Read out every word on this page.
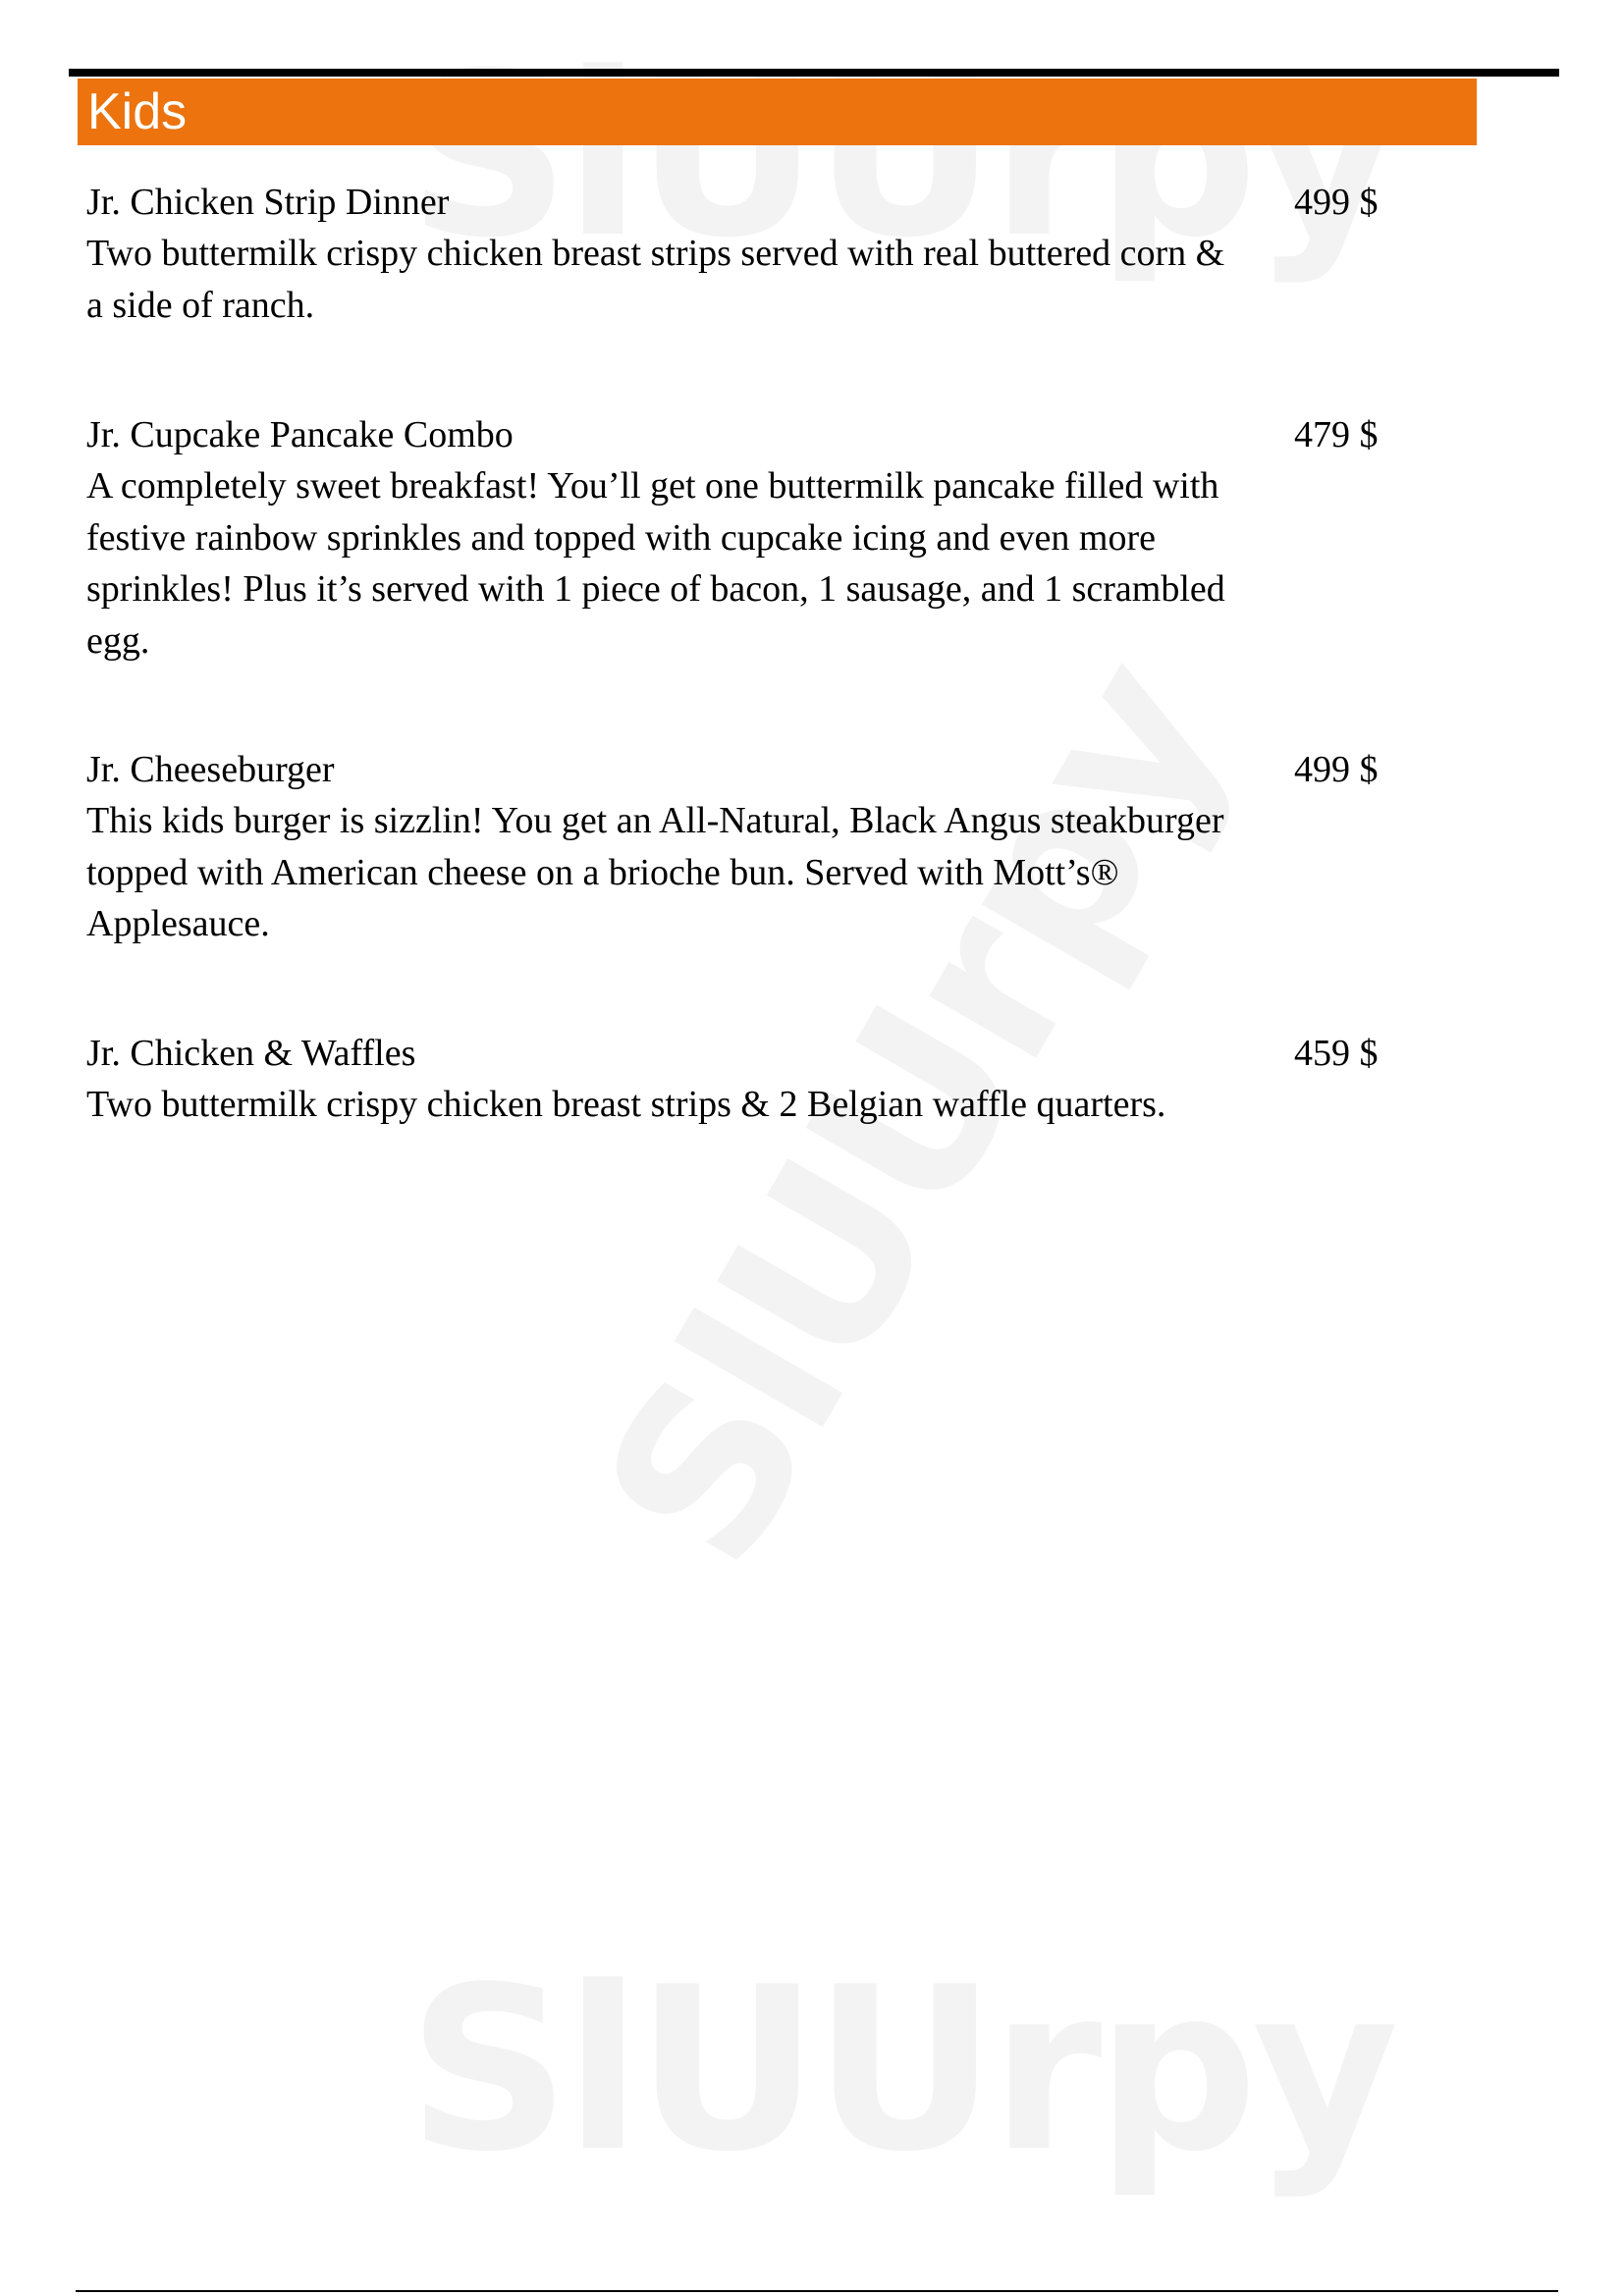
Kids
Jr. Chicken Strip Dinner
Two buttermilk crispy chicken breast strips served with real buttered corn & a side of ranch.
499 $
Jr. Cupcake Pancake Combo
A completely sweet breakfast! You’ll get one buttermilk pancake filled with festive rainbow sprinkles and topped with cupcake icing and even more sprinkles! Plus it’s served with 1 piece of bacon, 1 sausage, and 1 scrambled egg.
479 $
Jr. Cheeseburger
This kids burger is sizzlin! You get an All-Natural, Black Angus steakburger topped with American cheese on a brioche bun. Served with Mott’s® Applesauce.
499 $
Jr. Chicken & Waffles
Two buttermilk crispy chicken breast strips & 2 Belgian waffle quarters.
459 $
